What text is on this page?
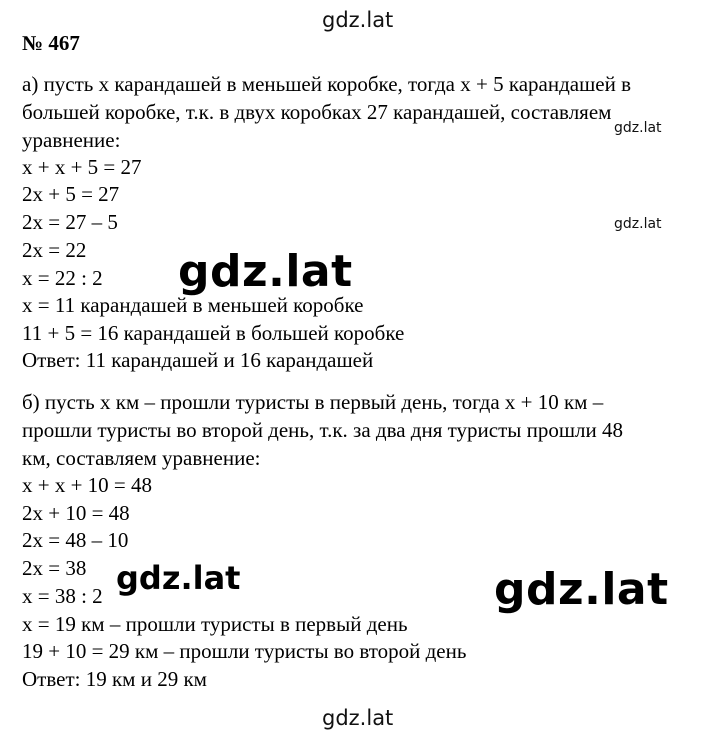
gdz.lat
gdz.lat
gdz.lat
№ 467
а) пусть х карандашей в меньшей коробке, тогда х + 5 карандашей в
большей коробке, т.к. в двух коробках 27 карандашей, составляем
уравнение:
х + х + 5 = 27
2х + 5 = 27
2х = 27 – 5
2х = 22
х = 22 : 2
х = 11 карандашей в меньшей коробке
11 + 5 = 16 карандашей в большей коробке
Ответ: 11 карандашей и 16 карандашей
gdz.lat
б) пусть х км – прошли туристы в первый день, тогда х + 10 км –
прошли туристы во второй день, т.к. за два дня туристы прошли 48
км, составляем уравнение:
х + х + 10 = 48
2х + 10 = 48
2х = 48 – 10
2х = 38
х = 38 : 2
х = 19 км – прошли туристы в первый день
19 + 10 = 29 км – прошли туристы во второй день
Ответ: 19 км и 29 км
gdz.lat	gdz.lat
gdz.lat
